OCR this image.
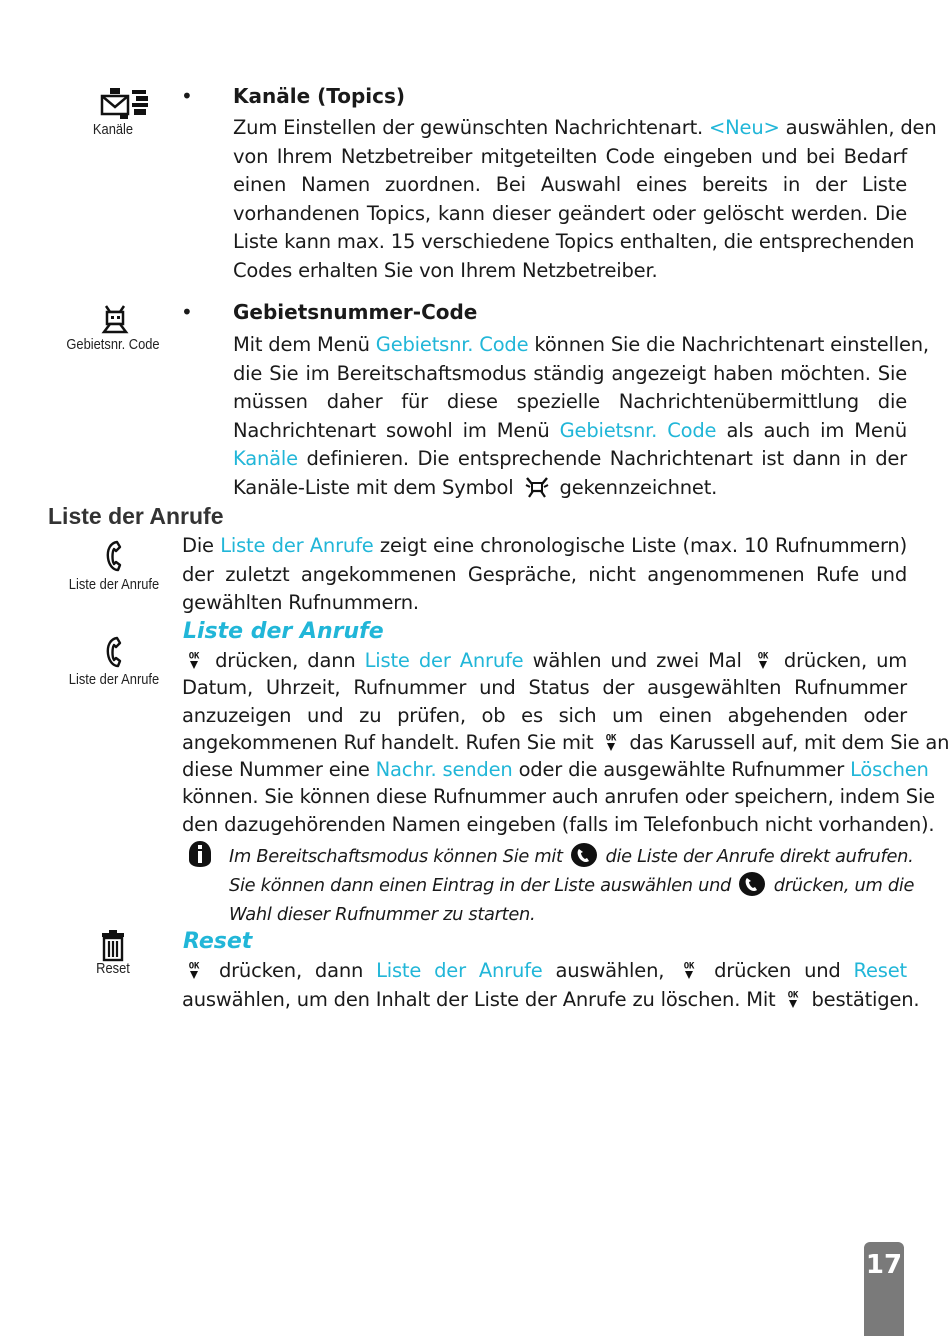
Kanäle
• Kanäle (Topics)
Zum Einstellen der gewünschten Nachrichtenart. <Neu> auswählen, den
von Ihrem Netzbetreiber mitgeteilten Code eingeben und bei Bedarf
einen Namen zuordnen. Bei Auswahl eines bereits in der Liste
vorhandenen Topics, kann dieser geändert oder gelöscht werden. Die
Liste kann max. 15 verschiedene Topics enthalten, die entsprechenden
Codes erhalten Sie von Ihrem Netzbetreiber.
Gebietsnr. Code
• Gebietsnummer-Code
Mit dem Menü Gebietsnr. Code können Sie die Nachrichtenart einstellen,
die Sie im Bereitschaftsmodus ständig angezeigt haben möchten. Sie
müssen daher für diese spezielle Nachrichtenübermittlung die
Nachrichtenart sowohl im Menü Gebietsnr. Code als auch im Menü
Kanäle definieren. Die entsprechende Nachrichtenart ist dann in der
Kanäle-Liste mit dem Symbol gekennzeichnet.
Liste der Anrufe
Liste der Anrufe
Die Liste der Anrufe zeigt eine chronologische Liste (max. 10 Rufnummern)
der zuletzt angekommenen Gespräche, nicht angenommenen Rufe und
gewählten Rufnummern.
Liste der Anrufe
Liste der Anrufe
drücken, dann Liste der Anrufe wählen und zwei Mal drücken, um
Datum, Uhrzeit, Rufnummer und Status der ausgewählten Rufnummer
anzuzeigen und zu prüfen, ob es sich um einen abgehenden oder
angekommenen Ruf handelt. Rufen Sie mit das Karussell auf, mit dem Sie an
diese Nummer eine Nachr. senden oder die ausgewählte Rufnummer Löschen
können. Sie können diese Rufnummer auch anrufen oder speichern, indem Sie
den dazugehörenden Namen eingeben (falls im Telefonbuch nicht vorhanden).
Im Bereitschaftsmodus können Sie mit die Liste der Anrufe direkt aufrufen.
Sie können dann einen Eintrag in der Liste auswählen und drücken, um die
Wahl dieser Rufnummer zu starten.
Reset
Reset	drücken, dann Liste der Anrufe auswählen,	drücken und Reset
auswählen, um den Inhalt der Liste der Anrufe zu löschen. Mit bestätigen.
17
